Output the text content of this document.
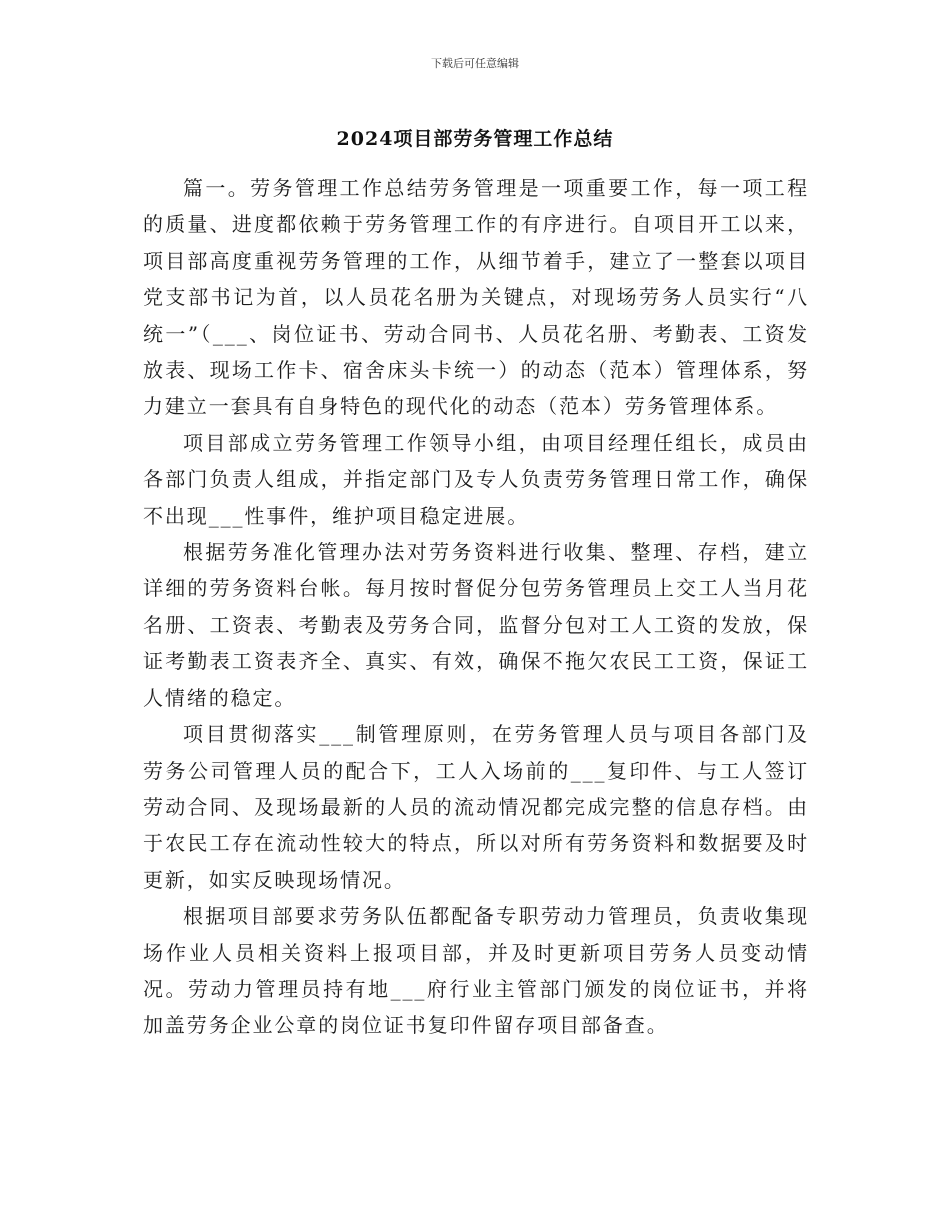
下载后可任意编辑
2024项目部劳务管理工作总结

篇一。劳务管理工作总结劳务管理是一项重要工作，每一项工程的质量、进度都依赖于劳务管理工作的有序进行。自项目开工以来，项目部高度重视劳务管理的工作，从细节着手，建立了一整套以项目党支部书记为首，以人员花名册为关键点，对现场劳务人员实行“八统一”（___、岗位证书、劳动合同书、人员花名册、考勤表、工资发放表、现场工作卡、宿舍床头卡统一）的动态（范本）管理体系，努力建立一套具有自身特色的现代化的动态（范本）劳务管理体系。

项目部成立劳务管理工作领导小组，由项目经理任组长，成员由各部门负责人组成，并指定部门及专人负责劳务管理日常工作，确保不出现___性事件，维护项目稳定进展。

根据劳务准化管理办法对劳务资料进行收集、整理、存档，建立详细的劳务资料台帐。每月按时督促分包劳务管理员上交工人当月花名册、工资表、考勤表及劳务合同，监督分包对工人工资的发放，保证考勤表工资表齐全、真实、有效，确保不拖欠农民工工资，保证工人情绪的稳定。

项目贯彻落实___制管理原则，在劳务管理人员与项目各部门及劳务公司管理人员的配合下，工人入场前的___复印件、与工人签订劳动合同、及现场最新的人员的流动情况都完成完整的信息存档。由于农民工存在流动性较大的特点，所以对所有劳务资料和数据要及时更新，如实反映现场情况。

根据项目部要求劳务队伍都配备专职劳动力管理员，负责收集现场作业人员相关资料上报项目部，并及时更新项目劳务人员变动情况。劳动力管理员持有地___府行业主管部门颁发的岗位证书，并将加盖劳务企业公章的岗位证书复印件留存项目部备查。
